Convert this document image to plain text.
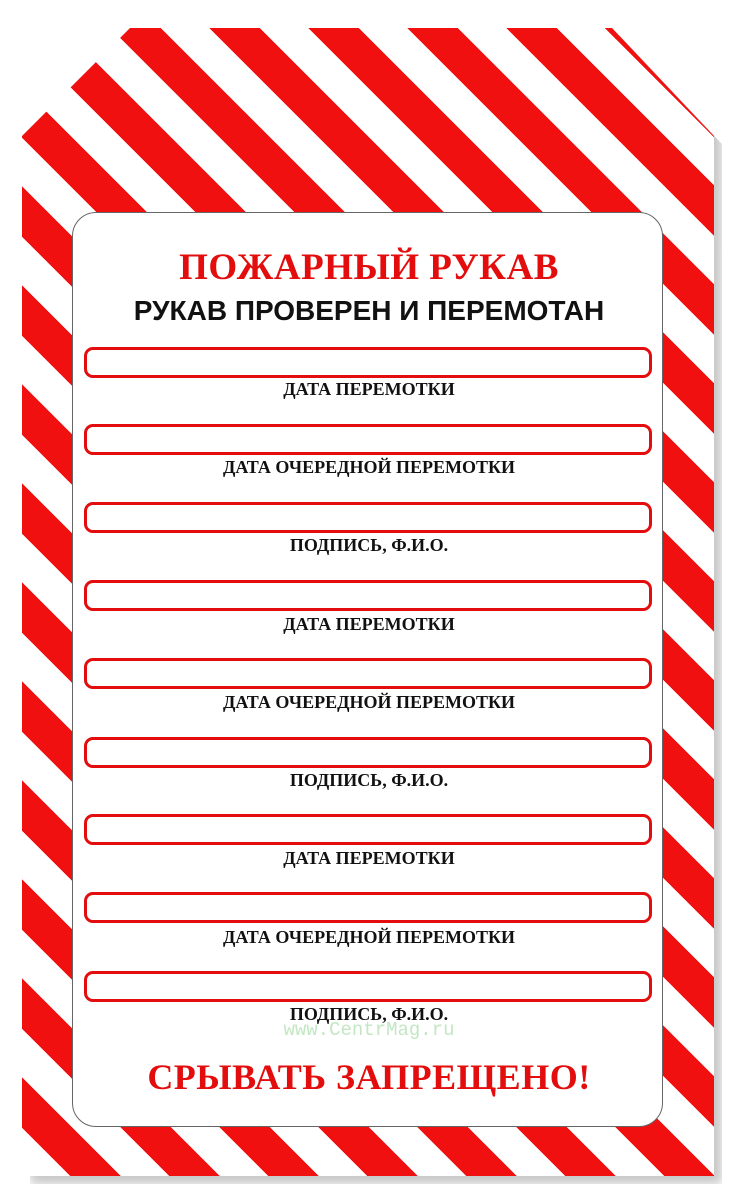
ПОЖАРНЫЙ РУКАВ
РУКАВ ПРОВЕРЕН И ПЕРЕМОТАН

ДАТА ПЕРЕМОТКИ

ДАТА ОЧЕРЕДНОЙ ПЕРЕМОТКИ

ПОДПИСЬ, Ф.И.О.

ДАТА ПЕРЕМОТКИ

ДАТА ОЧЕРЕДНОЙ ПЕРЕМОТКИ

ПОДПИСЬ, Ф.И.О.

ДАТА ПЕРЕМОТКИ

ДАТА ОЧЕРЕДНОЙ ПЕРЕМОТКИ

ПОДПИСЬ, Ф.И.О.

www.CentrMag.ru
СРЫВАТЬ ЗАПРЕЩЕНО!
